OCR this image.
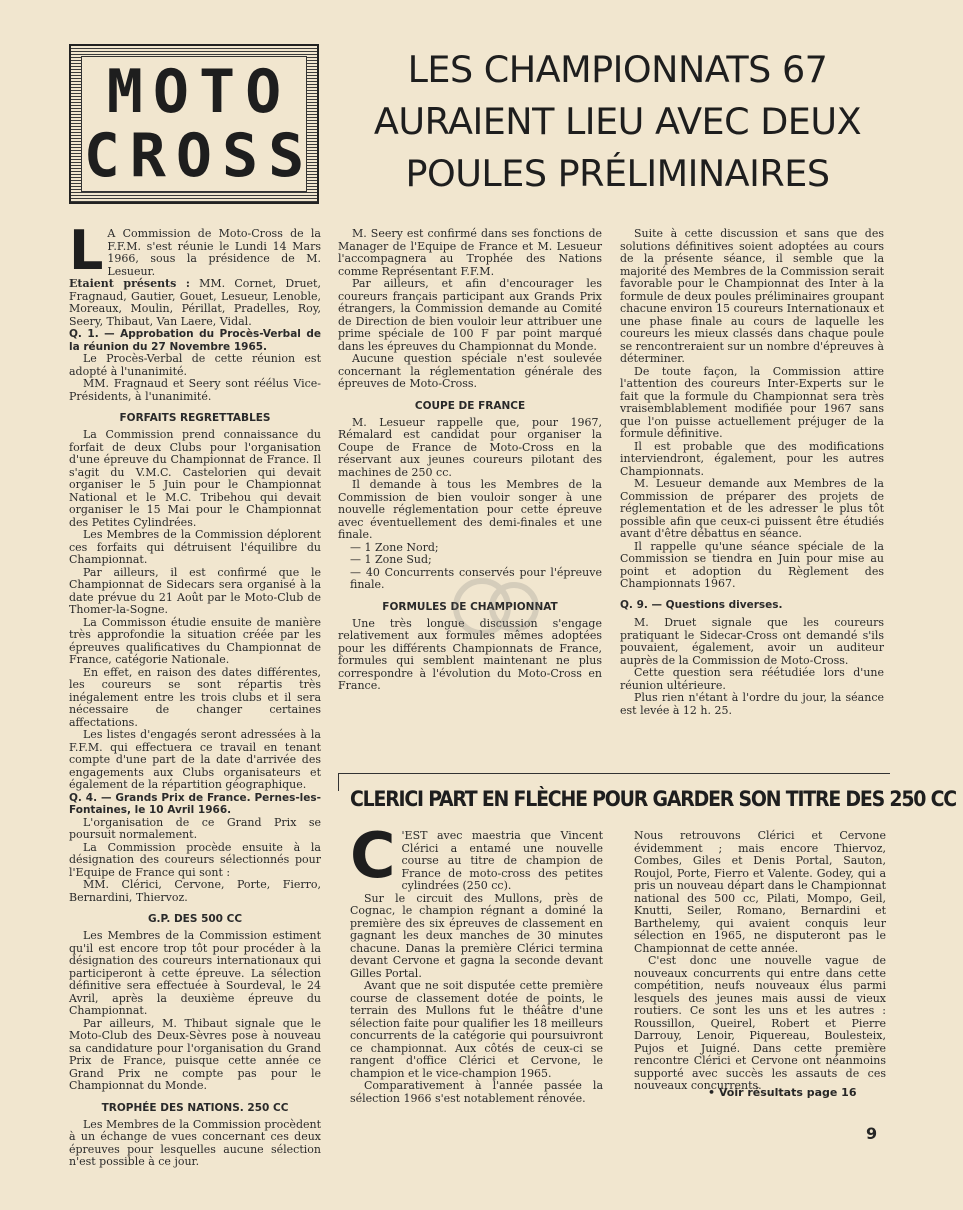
MOTO
CROSS
LES CHAMPIONNATS 67
AURAIENT LIEU AVEC DEUX
POULES PRÉLIMINAIRES
L A Commission de Moto-Cross de la F.F.M. s'est réunie le Lundi 14 Mars 1966, sous la présidence de M. Lesueur.

Etaient présents : MM. Cornet, Druet, Fragnaud, Gautier, Gouet, Lesueur, Lenoble, Moreaux, Moulin, Périllat, Pradelles, Roy, Seery, Thibaut, Van Laere, Vidal.

Q. 1. — Approbation du Procès-Verbal de la réunion du 27 Novembre 1965.

Le Procès-Verbal de cette réunion est adopté à l'unanimité.

MM. Fragnaud et Seery sont réélus Vice-Présidents, à l'unanimité.

FORFAITS REGRETTABLES

La Commission prend connaissance du forfait de deux Clubs pour l'organisation d'une épreuve du Championnat de France. Il s'agit du V.M.C. Castelorien qui devait organiser le 5 Juin pour le Championnat National et le M.C. Tribehou qui devait organiser le 15 Mai pour le Championnat des Petites Cylindrées.

Les Membres de la Commission déplorent ces forfaits qui détruisent l'équilibre du Championnat.

Par ailleurs, il est confirmé que le Championnat de Sidecars sera organisé à la date prévue du 21 Août par le Moto-Club de Thomer-la-Sogne.

La Commisson étudie ensuite de manière très approfondie la situation créée par les épreuves qualificatives du Championnat de France, catégorie Nationale.

En effet, en raison des dates différentes, les coureurs se sont répartis très inégalement entre les trois clubs et il sera nécessaire de changer certaines affectations.

Les listes d'engagés seront adressées à la F.F.M. qui effectuera ce travail en tenant compte d'une part de la date d'arrivée des engagements aux Clubs organisateurs et également de la répartition géographique.

Q. 4. — Grands Prix de France. Pernes-les-Fontaines, le 10 Avril 1966.

L'organisation de ce Grand Prix se poursuit normalement.

La Commission procède ensuite à la désignation des coureurs sélectionnés pour l'Equipe de France qui sont :

MM. Clérici, Cervone, Porte, Fierro, Bernardini, Thiervoz.

G.P. DES 500 CC

Les Membres de la Commission estiment qu'il est encore trop tôt pour procéder à la désignation des coureurs internationaux qui participeront à cette épreuve. La sélection définitive sera effectuée à Sourdeval, le 24 Avril, après la deuxième épreuve du Championnat.

Par ailleurs, M. Thibaut signale que le Moto-Club des Deux-Sèvres pose à nouveau sa candidature pour l'organisation du Grand Prix de France, puisque cette année ce Grand Prix ne compte pas pour le Championnat du Monde.

TROPHÉE DES NATIONS. 250 CC

Les Membres de la Commission procèdent à un échange de vues concernant ces deux épreuves pour lesquelles aucune sélection n'est possible à ce jour.

M. Seery est confirmé dans ses fonctions de Manager de l'Equipe de France et M. Lesueur l'accompagnera au Trophée des Nations comme Représentant F.F.M.

Par ailleurs, et afin d'encourager les coureurs français participant aux Grands Prix étrangers, la Commission demande au Comité de Direction de bien vouloir leur attribuer une prime spéciale de 100 F par point marqué dans les épreuves du Championnat du Monde.

Aucune question spéciale n'est soulevée concernant la réglementation générale des épreuves de Moto-Cross.

COUPE DE FRANCE

M. Lesueur rappelle que, pour 1967, Rémalard est candidat pour organiser la Coupe de France de Moto-Cross en la réservant aux jeunes coureurs pilotant des machines de 250 cc.

Il demande à tous les Membres de la Commission de bien vouloir songer à une nouvelle réglementation pour cette épreuve avec éventuellement des demi-finales et une finale.

— 1 Zone Nord;
— 1 Zone Sud;
— 40 Concurrents conservés pour l'épreuve finale.

FORMULES DE CHAMPIONNAT

Une très longue discussion s'engage relativement aux formules mêmes adoptées pour les différents Championnats de France, formules qui semblent maintenant ne plus correspondre à l'évolution du Moto-Cross en France.

Suite à cette discussion et sans que des solutions définitives soient adoptées au cours de la présente séance, il semble que la majorité des Membres de la Commission serait favorable pour le Championnat des Inter à la formule de deux poules préliminaires groupant chacune environ 15 coureurs Internationaux et une phase finale au cours de laquelle les coureurs les mieux classés dans chaque poule se rencontreraient sur un nombre d'épreuves à déterminer.

De toute façon, la Commission attire l'attention des coureurs Inter-Experts sur le fait que la formule du Championnat sera très vraisemblablement modifiée pour 1967 sans que l'on puisse actuellement préjuger de la formule définitive.

Il est probable que des modifications interviendront, également, pour les autres Championnats.

M. Lesueur demande aux Membres de la Commission de préparer des projets de réglementation et de les adresser le plus tôt possible afin que ceux-ci puissent être étudiés avant d'être débattus en séance.

Il rappelle qu'une séance spéciale de la Commission se tiendra en Juin pour mise au point et adoption du Règlement des Championnats 1967.

Q. 9. — Questions diverses.

M. Druet signale que les coureurs pratiquant le Sidecar-Cross ont demandé s'ils pouvaient, également, avoir un auditeur auprès de la Commission de Moto-Cross.

Cette question sera réétudiée lors d'une réunion ultérieure.

Plus rien n'étant à l'ordre du jour, la séance est levée à 12 h. 25.

CLERICI PART EN FLÈCHE POUR GARDER SON TITRE DES 250 CC
C 'EST avec maestria que Vincent Clérici a entamé une nouvelle course au titre de champion de France de moto-cross des petites cylindrées (250 cc).

Sur le circuit des Mullons, près de Cognac, le champion régnant a dominé la première des six épreuves de classement en gagnant les deux manches de 30 minutes chacune. Danas la première Clérici termina devant Cervone et gagna la seconde devant Gilles Portal.

Avant que ne soit disputée cette première course de classement dotée de points, le terrain des Mullons fut le théâtre d'une sélection faite pour qualifier les 18 meilleurs concurrents de la catégorie qui poursuivront ce championnat. Aux côtés de ceux-ci se rangent d'office Clérici et Cervone, le champion et le vice-champion 1965.

Comparativement à l'année passée la sélection 1966 s'est notablement rénovée.

Nous retrouvons Clérici et Cervone évidemment ; mais encore Thiervoz, Combes, Giles et Denis Portal, Sauton, Roujol, Porte, Fierro et Valente. Godey, qui a pris un nouveau départ dans le Championnat national des 500 cc, Pilati, Mompo, Geil, Knutti, Seiler, Romano, Bernardini et Barthelemy, qui avaient conquis leur sélection en 1965, ne disputeront pas le Championnat de cette année.

C'est donc une nouvelle vague de nouveaux concurrents qui entre dans cette compétition, neufs nouveaux élus parmi lesquels des jeunes mais aussi de vieux routiers. Ce sont les uns et les autres : Roussillon, Queirel, Robert et Pierre Darrouy, Lenoir, Piquereau, Boulesteix, Pujos et Juigné. Dans cette première rencontre Clérici et Cervone ont néanmoins supporté avec succès les assauts de ces nouveaux concurrents.

• Voir résultats page 16
9
